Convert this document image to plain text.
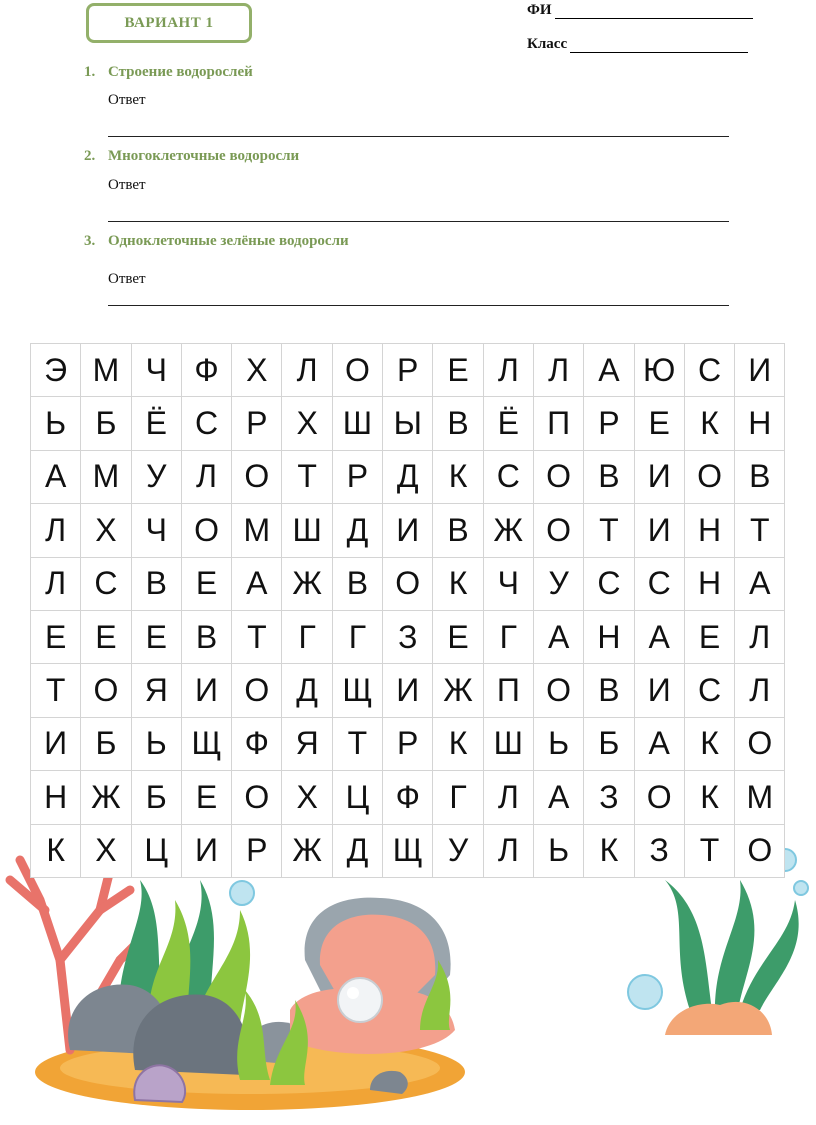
ВАРИАНТ 1
ФИ
Класс
1. Строение водорослей
Ответ
2. Многоклеточные водоросли
Ответ
3. Одноклеточные зелёные водоросли
Ответ
Э М Ч Ф Х Л О Р Е Л Л А Ю С И
Ь Б Ё С Р Х Ш Ы В Ё П Р Е К Н
А М У Л О Т Р Д К С О В И О В
Л Х Ч О М Ш Д И В Ж О Т И Н Т
Л С В Е А Ж В О К Ч У С С Н А
Е Е Е В Т Г	Г З Е Г А Н А Е Л
Т О Я И О Д Щ И Ж П О В И С Л
И Б Ь Щ Ф Я Т Р К Ш Ь Б А К О
Н Ж Б Е О Х Ц Ф Г Л А З О К М
К Х Ц И Р Ж Д Щ У Л Ь К З Т О
